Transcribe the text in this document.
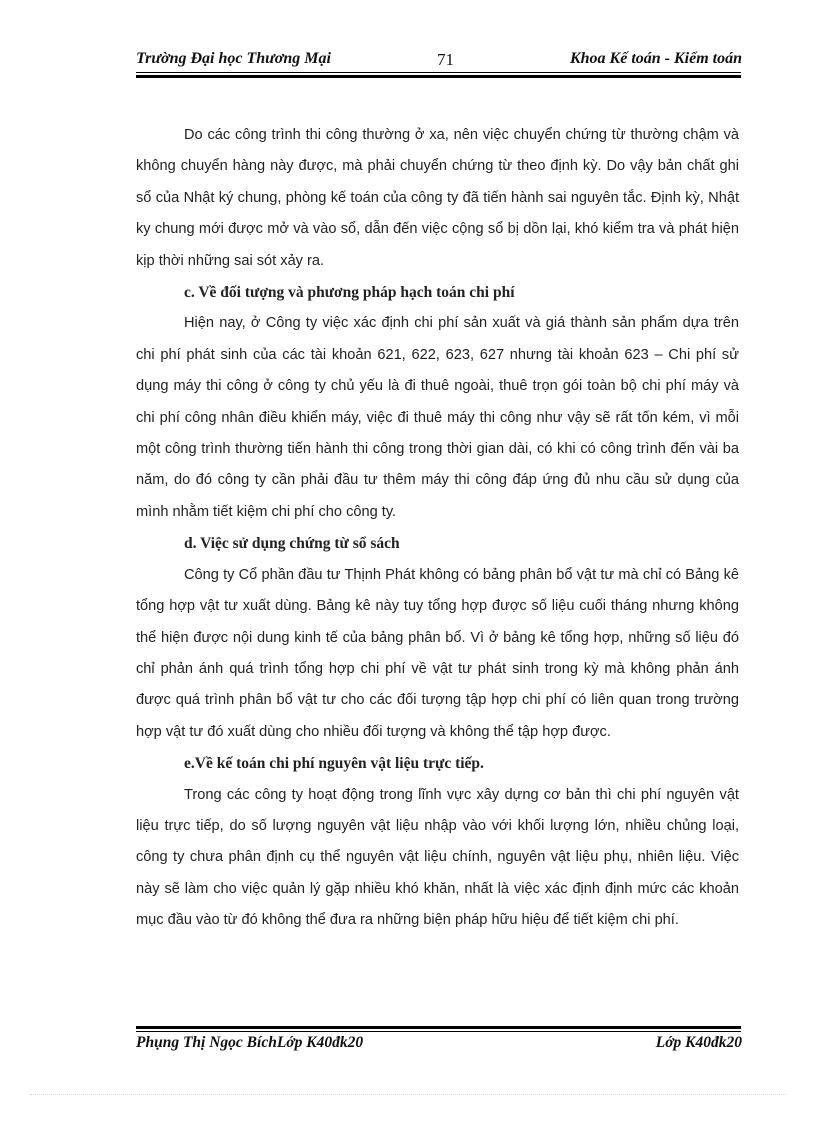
Trường Đại học Thương Mại	71	Khoa Kế toán - Kiểm toán

Do các công trình thi công thường ở xa, nên việc chuyển chứng từ thường chậm và không chuyển hàng này được, mà phải chuyển chứng từ theo định kỳ. Do vậy bản chất ghi sổ của Nhật ký chung, phòng kế toán của công ty đã tiến hành sai nguyên tắc. Định kỳ, Nhật ky chung mới được mở và vào sổ, dẫn đến việc cộng sổ bị dồn lại, khó kiểm tra và phát hiện kịp thời những sai sót xảy ra.

c. Về đối tượng và phương pháp hạch toán chi phí

Hiện nay, ở Công ty việc xác định chi phí sản xuất và giá thành sản phẩm dựa trên chi phí phát sinh của các tài khoản 621, 622, 623, 627 nhưng tài khoản 623 – Chi phí sử dụng máy thi công ở công ty chủ yếu là đi thuê ngoài, thuê trọn gói toàn bộ chi phí máy và chi phí công nhân điều khiển máy, việc đi thuê máy thi công như vậy sẽ rất tốn kém, vì mỗi một công trình thường tiến hành thi công trong thời gian dài, có khi có công trình đến vài ba năm, do đó công ty cần phải đầu tư thêm máy thi công đáp ứng đủ nhu cầu sử dụng của mình nhằm tiết kiệm chi phí cho công ty.

d. Việc sử dụng chứng từ sổ sách

Công ty Cổ phần đầu tư Thịnh Phát không có bảng phân bổ vật tư mà chỉ có Bảng kê tổng hợp vật tư xuất dùng. Bảng kê này tuy tổng hợp được số liệu cuối tháng nhưng không thể hiện được nội dung kinh tế của bảng phân bổ. Vì ở bảng kê tổng hợp, những số liệu đó chỉ phản ánh quá trình tổng hợp chi phí về vật tư phát sinh trong kỳ mà không phản ánh được quá trình phân bổ vật tư cho các đối tượng tập hợp chi phí có liên quan trong trường hợp vật tư đó xuất dùng cho nhiều đối tượng và không thể tập hợp được.

e.Về kế toán chi phí nguyên vật liệu trực tiếp.

Trong các công ty hoạt động trong lĩnh vực xây dựng cơ bản thì chi phí nguyên vật liệu trực tiếp, do số lượng nguyên vật liệu nhập vào với khối lượng lớn, nhiều chủng loại, công ty chưa phân định cụ thể nguyên vật liệu chính, nguyên vật liệu phụ, nhiên liệu. Việc này sẽ làm cho việc quản lý gặp nhiều khó khăn, nhất là việc xác định định mức các khoản mục đầu vào từ đó không thể đưa ra những biện pháp hữu hiệu để tiết kiệm chi phí.

Phụng Thị Ngọc BíchLớp K40đk20	Lớp K40đk20
